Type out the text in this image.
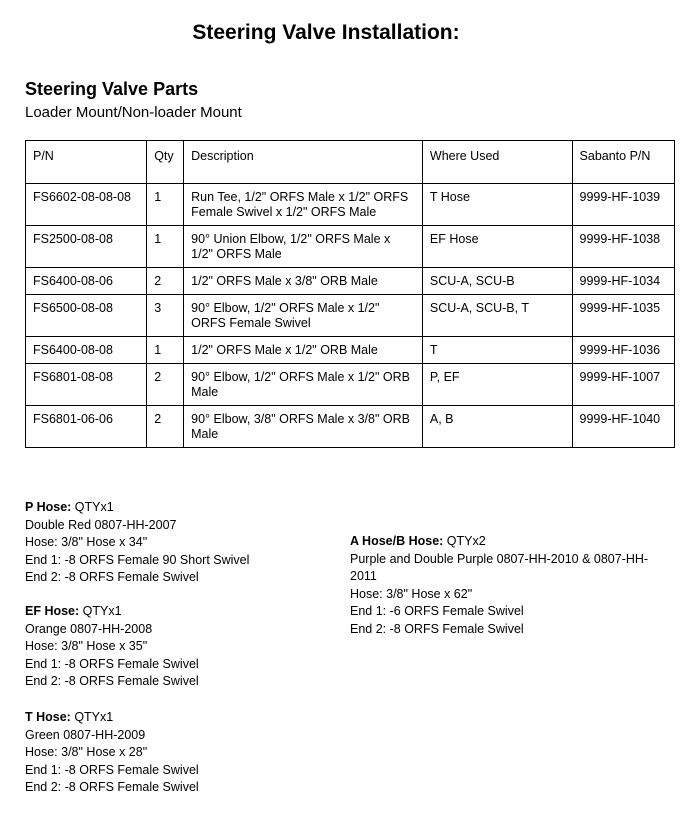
Steering Valve Installation:
Steering Valve Parts
Loader Mount/Non-loader Mount
P/N	Qty	Description	Where Used	Sabanto P/N
FS6602-08-08-08	1	Run Tee, 1/2" ORFS Male x 1/2" ORFS Female Swivel x 1/2" ORFS Male	T Hose	9999-HF-1039
FS2500-08-08	1	90° Union Elbow, 1/2" ORFS Male x 1/2" ORFS Male	EF Hose	9999-HF-1038
FS6400-08-06	2	1/2" ORFS Male x 3/8" ORB Male	SCU-A, SCU-B	9999-HF-1034
FS6500-08-08	3	90° Elbow, 1/2" ORFS Male x 1/2" ORFS Female Swivel	SCU-A, SCU-B, T	9999-HF-1035
FS6400-08-08	1	1/2" ORFS Male x 1/2" ORB Male	T	9999-HF-1036
FS6801-08-08	2	90° Elbow, 1/2" ORFS Male x 1/2" ORB Male	P, EF	9999-HF-1007
FS6801-06-06	2	90° Elbow, 3/8" ORFS Male x 3/8" ORB Male	A, B	9999-HF-1040
P Hose: QTYx1
Double Red 0807-HH-2007
Hose: 3/8" Hose x 34"
End 1: -8 ORFS Female 90 Short Swivel
End 2: -8 ORFS Female Swivel
EF Hose: QTYx1
Orange 0807-HH-2008
Hose: 3/8" Hose x 35"
End 1: -8 ORFS Female Swivel
End 2: -8 ORFS Female Swivel
T Hose: QTYx1
Green 0807-HH-2009
Hose: 3/8" Hose x 28"
End 1: -8 ORFS Female Swivel
End 2: -8 ORFS Female Swivel
A Hose/B Hose: QTYx2
Purple and Double Purple 0807-HH-2010 & 0807-HH-2011
Hose: 3/8" Hose x 62"
End 1: -6 ORFS Female Swivel
End 2: -8 ORFS Female Swivel
